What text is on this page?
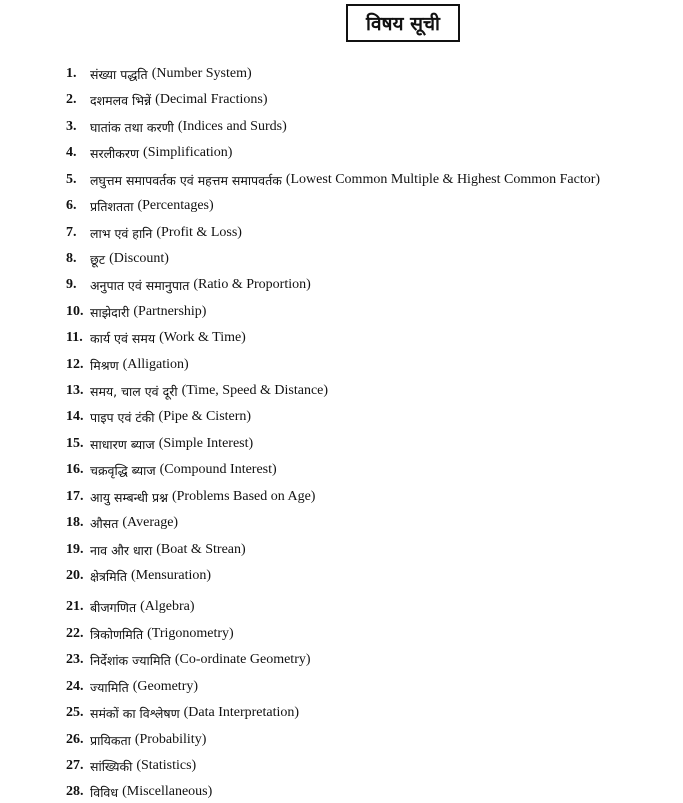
विषय सूची
1.	संख्या पद्धति (Number System)
2.	दशमलव भिन्नें (Decimal Fractions)
3.	घातांक तथा करणी (Indices and Surds)
4.	सरलीकरण (Simplification)
5.	लघुत्तम समापवर्तक एवं महत्तम समापवर्तक (Lowest Common Multiple & Highest Common Factor)
6.	प्रतिशतता (Percentages)
7.	लाभ एवं हानि (Profit & Loss)
8.	छूट (Discount)
9.	अनुपात एवं समानुपात (Ratio & Proportion)
10. साझेदारी (Partnership)
11. कार्य एवं समय (Work & Time)
12. मिश्रण (Alligation)
13. समय, चाल एवं दूरी (Time, Speed & Distance)
14. पाइप एवं टंकी (Pipe & Cistern)
15. साधारण ब्याज (Simple Interest)
16. चक्रवृद्धि ब्याज (Compound Interest)
17. आयु सम्बन्धी प्रश्न (Problems Based on Age)
18. औसत (Average)
19. नाव और धारा (Boat & Strean)
20. क्षेत्रमिति (Mensuration)
21. बीजगणित (Algebra)
22. त्रिकोणमिति (Trigonometry)
23. निर्देशांक ज्यामिति (Co-ordinate Geometry)
24. ज्यामिति (Geometry)
25. समंकों का विश्लेषण (Data Interpretation)
26. प्रायिकता (Probability)
27. सांख्यिकी (Statistics)
28. विविध (Miscellaneous)
